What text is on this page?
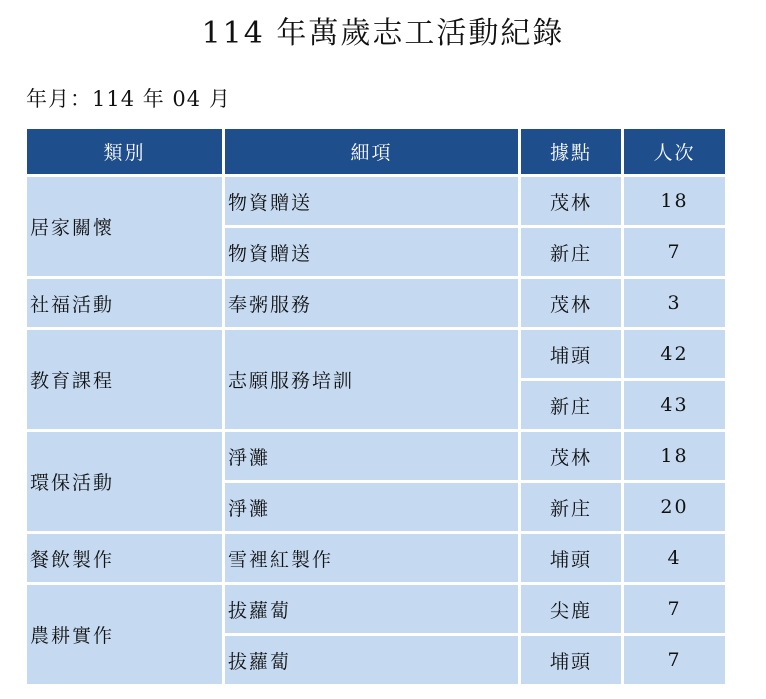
114 年萬歲志工活動紀錄
年月：114 年 04 月
類別	細項	據點	人次
居家關懷	物資贈送	茂林	18
	物資贈送	新庄	7
社福活動	奉粥服務	茂林	3
教育課程	志願服務培訓	埔頭	42
		新庄	43
環保活動	淨灘	茂林	18
	淨灘	新庄	20
餐飲製作	雪裡紅製作	埔頭	4
農耕實作	拔蘿蔔	尖鹿	7
	拔蘿蔔	埔頭	7
